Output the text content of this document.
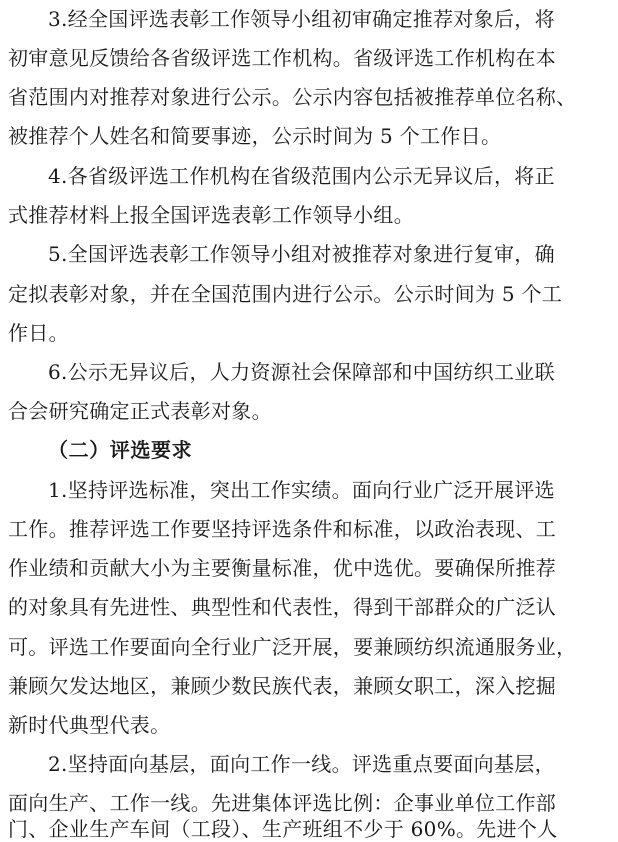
3.经全国评选表彰工作领导小组初审确定推荐对象后，将
初审意见反馈给各省级评选工作机构。省级评选工作机构在本
省范围内对推荐对象进行公示。公示内容包括被推荐单位名称、
被推荐个人姓名和简要事迹，公示时间为 5 个工作日。
4.各省级评选工作机构在省级范围内公示无异议后，将正
式推荐材料上报全国评选表彰工作领导小组。
5.全国评选表彰工作领导小组对被推荐对象进行复审，确
定拟表彰对象，并在全国范围内进行公示。公示时间为 5 个工
作日。
6.公示无异议后，人力资源社会保障部和中国纺织工业联
合会研究确定正式表彰对象。
（二）评选要求
1.坚持评选标准，突出工作实绩。面向行业广泛开展评选
工作。推荐评选工作要坚持评选条件和标准，以政治表现、工
作业绩和贡献大小为主要衡量标准，优中选优。要确保所推荐
的对象具有先进性、典型性和代表性，得到干部群众的广泛认
可。评选工作要面向全行业广泛开展，要兼顾纺织流通服务业，
兼顾欠发达地区，兼顾少数民族代表，兼顾女职工，深入挖掘
新时代典型代表。
2.坚持面向基层，面向工作一线。评选重点要面向基层，
面向生产、工作一线。先进集体评选比例：企事业单位工作部
门、企业生产车间（工段）、生产班组不少于 60%。先进个人
